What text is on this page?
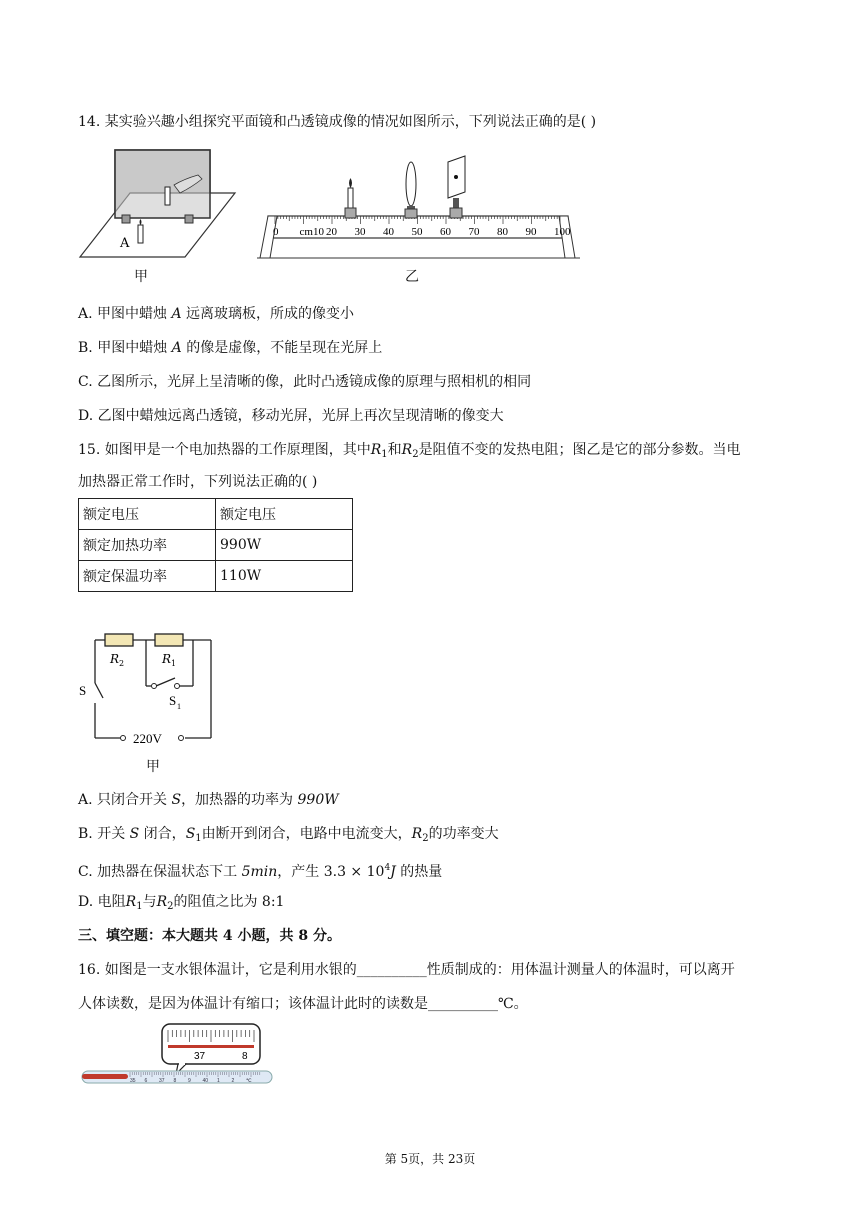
14. 某实验兴趣小组探究平面镜和凸透镜成像的情况如图所示，下列说法正确的是( )
A
甲
0 cm10 20 30 40 50 60 70 80 90 100
乙
A. 甲图中蜡烛 A 远离玻璃板，所成的像变小
B. 甲图中蜡烛 A 的像是虚像，不能呈现在光屏上
C. 乙图所示，光屏上呈清晰的像，此时凸透镜成像的原理与照相机的相同
D. 乙图中蜡烛远离凸透镜，移动光屏，光屏上再次呈现清晰的像变大
15. 如图甲是一个电加热器的工作原理图，其中$R_1$和$R_2$是阻值不变的发热电阻；图乙是它的部分参数。当电
加热器正常工作时，下列说法正确的( )
额定电压	额定电压
额定加热功率	990W
额定保温功率	110W
R 2	R 1
S
S 1
220V
甲
A. 只闭合开关 S，加热器的功率为 990W
B. 开关 S 闭合，$S_1$由断开到闭合，电路中电流变大，$R_2$的功率变大
C. 加热器在保温状态下工 5min，产生 $3.3 \times 10^4J$ 的热量
D. 电阻$R_1$与$R_2$的阻值之比为 8:1
三、填空题：本大题共 4 小题，共 8 分。
16. 如图是一支水银体温计，它是利用水银的__________性质制成的：用体温计测量人的体温时，可以离开
人体读数，是因为体温计有缩口；该体温计此时的读数是__________℃。
37	8
35 6 37 8 9 40 1 2 ℃
第 5页，共 23页
